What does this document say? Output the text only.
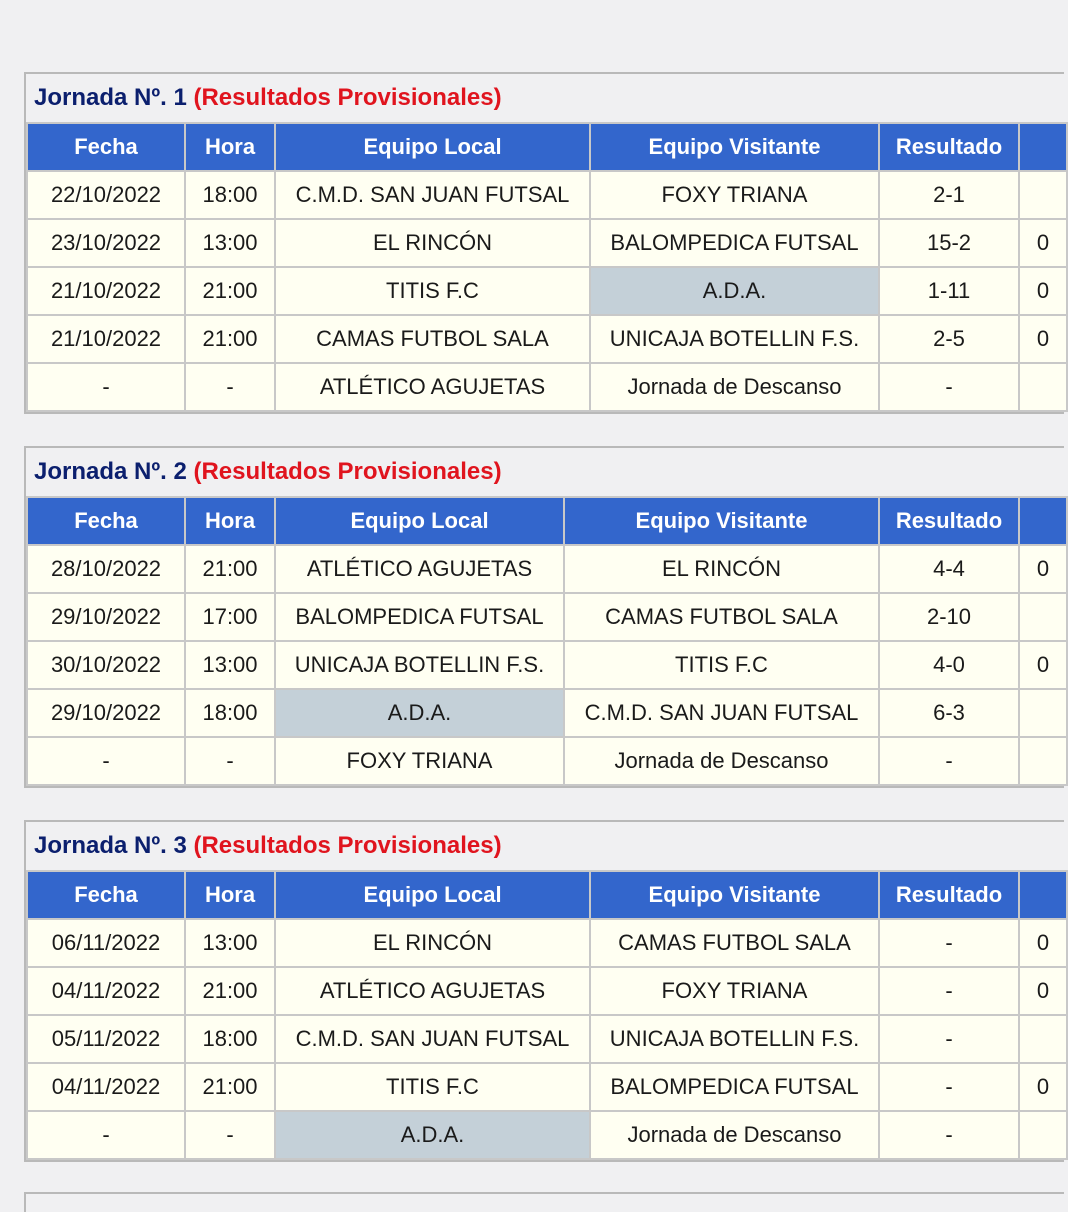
Jornada Nº. 1 (Resultados Provisionales)
Fecha	Hora	Equipo Local	Equipo Visitante	Resultado	
22/10/2022	18:00	C.M.D. SAN JUAN FUTSAL	FOXY TRIANA	2-1	
23/10/2022	13:00	EL RINCÓN	BALOMPEDICA FUTSAL	15-2	0
21/10/2022	21:00	TITIS F.C	A.D.A.	1-11	0
21/10/2022	21:00	CAMAS FUTBOL SALA	UNICAJA BOTELLIN F.S.	2-5	0
-	-	ATLÉTICO AGUJETAS	Jornada de Descanso	-	
Jornada Nº. 2 (Resultados Provisionales)
Fecha	Hora	Equipo Local	Equipo Visitante	Resultado	
28/10/2022	21:00	ATLÉTICO AGUJETAS	EL RINCÓN	4-4	0
29/10/2022	17:00	BALOMPEDICA FUTSAL	CAMAS FUTBOL SALA	2-10	
30/10/2022	13:00	UNICAJA BOTELLIN F.S.	TITIS F.C	4-0	0
29/10/2022	18:00	A.D.A.	C.M.D. SAN JUAN FUTSAL	6-3	
-	-	FOXY TRIANA	Jornada de Descanso	-	
Jornada Nº. 3 (Resultados Provisionales)
Fecha	Hora	Equipo Local	Equipo Visitante	Resultado	
06/11/2022	13:00	EL RINCÓN	CAMAS FUTBOL SALA	-	0
04/11/2022	21:00	ATLÉTICO AGUJETAS	FOXY TRIANA	-	0
05/11/2022	18:00	C.M.D. SAN JUAN FUTSAL	UNICAJA BOTELLIN F.S.	-	
04/11/2022	21:00	TITIS F.C	BALOMPEDICA FUTSAL	-	0
-	-	A.D.A.	Jornada de Descanso	-	
